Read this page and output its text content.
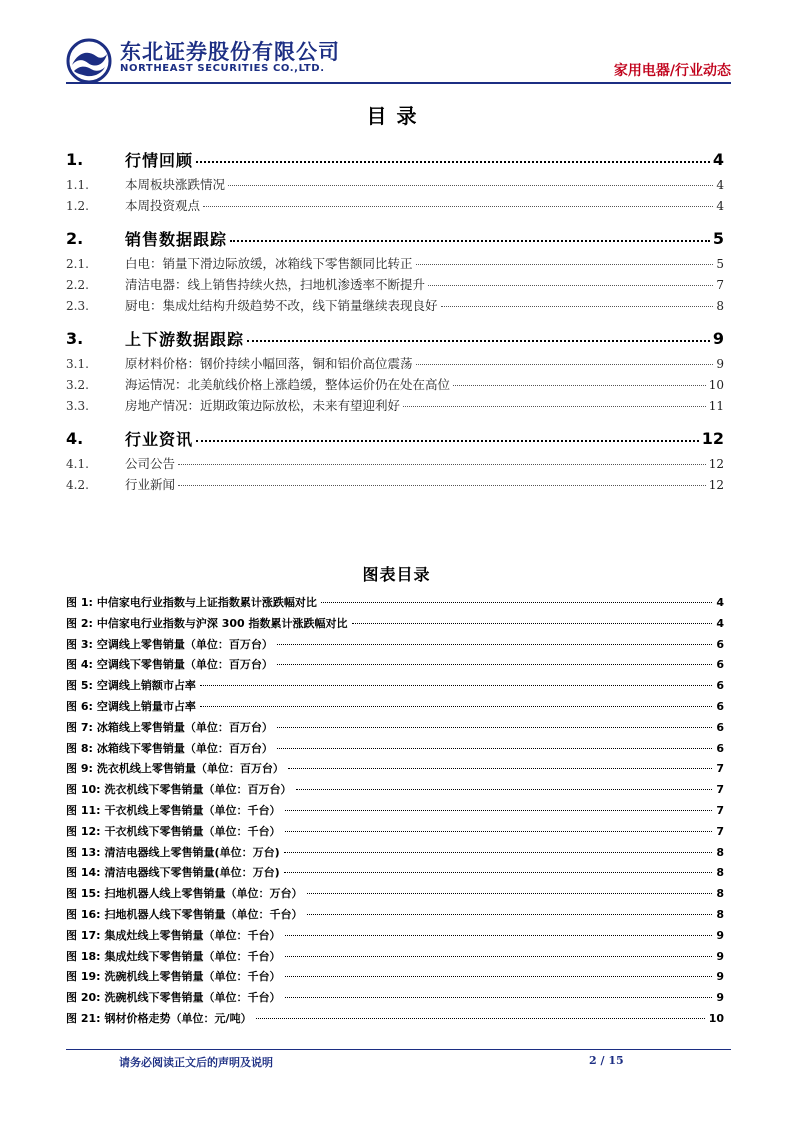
东北证券股份有限公司
NORTHEAST SECURITIES CO.,LTD.	家用电器/行业动态
目录
1.	行情回顾	4
1.1.	本周板块涨跌情况	4
1.2.	本周投资观点	4
2.	销售数据跟踪	5
2.1.	白电：销量下滑边际放缓，冰箱线下零售额同比转正	5
2.2.	清洁电器：线上销售持续火热，扫地机渗透率不断提升	7
2.3.	厨电：集成灶结构升级趋势不改，线下销量继续表现良好	8
3.	上下游数据跟踪	9
3.1.	原材料价格：钢价持续小幅回落，铜和铝价高位震荡	9
3.2.	海运情况：北美航线价格上涨趋缓，整体运价仍在处在高位	10
3.3.	房地产情况：近期政策边际放松，未来有望迎利好	11
4.	行业资讯	12
4.1.	公司公告	12
4.2.	行业新闻	12
图表目录
图 1: 中信家电行业指数与上证指数累计涨跌幅对比	4
图 2: 中信家电行业指数与沪深 300 指数累计涨跌幅对比	4
图 3: 空调线上零售销量（单位：百万台）	6
图 4: 空调线下零售销量（单位：百万台）	6
图 5: 空调线上销额市占率	6
图 6: 空调线上销量市占率	6
图 7: 冰箱线上零售销量（单位：百万台）	6
图 8: 冰箱线下零售销量（单位：百万台）	6
图 9: 洗衣机线上零售销量（单位：百万台）	7
图 10: 洗衣机线下零售销量（单位：百万台）	7
图 11: 干衣机线上零售销量（单位：千台）	7
图 12: 干衣机线下零售销量（单位：千台）	7
图 13: 清洁电器线上零售销量(单位：万台)	8
图 14: 清洁电器线下零售销量(单位：万台)	8
图 15: 扫地机器人线上零售销量（单位：万台）	8
图 16: 扫地机器人线下零售销量（单位：千台）	8
图 17: 集成灶线上零售销量（单位：千台）	9
图 18: 集成灶线下零售销量（单位：千台）	9
图 19: 洗碗机线上零售销量（单位：千台）	9
图 20: 洗碗机线下零售销量（单位：千台）	9
图 21: 钢材价格走势（单位：元/吨）	10
请务必阅读正文后的声明及说明	2 / 15
